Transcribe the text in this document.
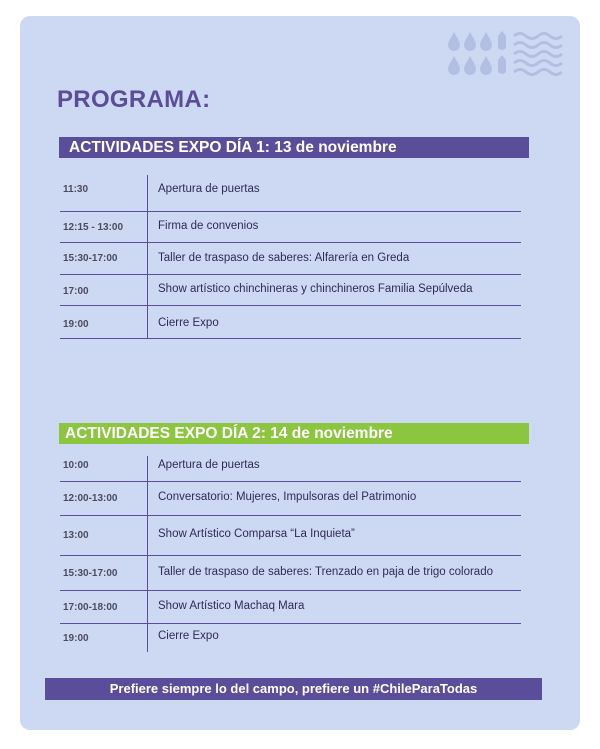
PROGRAMA:
ACTIVIDADES EXPO DÍA 1: 13 de noviembre
11:30	Apertura de puertas
12:15 - 13:00	Firma de convenios
15:30-17:00	Taller de traspaso de saberes: Alfarería en Greda
17:00	Show artístico chinchineras y chinchineros Familia Sepúlveda
19:00	Cierre Expo
ACTIVIDADES EXPO DÍA 2: 14 de noviembre
10:00	Apertura de puertas
12:00-13:00	Conversatorio: Mujeres, Impulsoras del Patrimonio
13:00	Show Artístico Comparsa “La Inquieta”
15:30-17:00	Taller de traspaso de saberes: Trenzado en paja de trigo colorado
17:00-18:00	Show Artístico Machaq Mara
19:00	Cierre Expo
Prefiere siempre lo del campo, prefiere un #ChileParaTodas
